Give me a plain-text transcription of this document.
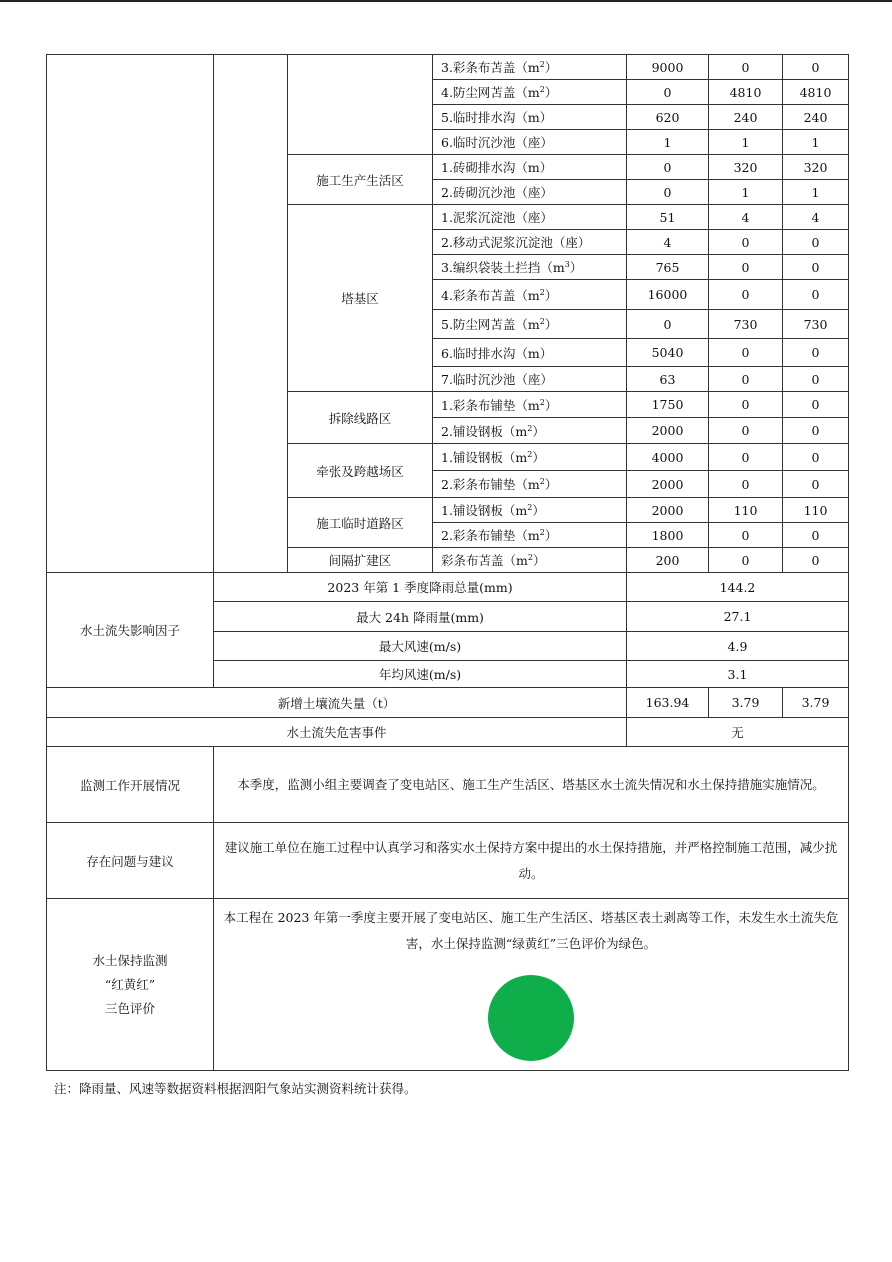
			3.彩条布苫盖$(m^2)$	9000	0	0
			4.防尘网苫盖$(m^2)$	0	4810	4810
			5.临时排水沟（m）	620	240	240
			6.临时沉沙池（座）	1	1	1
		施工生产生活区	1.砖砌排水沟（m）	0	320	320
			2.砖砌沉沙池（座）	0	1	1
		塔基区	1.泥浆沉淀池（座）	51	4	4
			2.移动式泥浆沉淀池（座）	4	0	0
			3.编织袋装土拦挡$(m^3)$	765	0	0
			4.彩条布苫盖$(m^2)$	16000	0	0
			5.防尘网苫盖$(m^2)$	0	730	730
			6.临时排水沟（m）	5040	0	0
			7.临时沉沙池（座）	63	0	0
		拆除线路区	1.彩条布铺垫$(m^2)$	1750	0	0
			2.铺设钢板$(m^2)$	2000	0	0
		牵张及跨越场区	1.铺设钢板$(m^2)$	4000	0	0
			2.彩条布铺垫$(m^2)$	2000	0	0
		施工临时道路区	1.铺设钢板$(m^2)$	2000	110	110
			2.彩条布铺垫$(m^2)$	1800	0	0
		间隔扩建区	彩条布苫盖$(m^2)$	200	0	0
水土流失影响因子	2023 年第 1 季度降雨总量(mm)			144.2		
	最大 24h 降雨量(mm)			27.1		
	最大风速(m/s)			4.9		
	年均风速(m/s)			3.1		
新增土壤流失量（t）				163.94	3.79	3.79
水土流失危害事件				无		
监测工作开展情况	本季度，监测小组主要调查了变电站区、施工生产生活区、塔基区水土流失情况和水土保持措施实施情况。					
存在问题与建议	建议施工单位在施工过程中认真学习和落实水土保持方案中提出的水土保持措施，并严格控制施工范围，减少扰动。					

水土保持监测
“红黄红”
三色评价	本工程在 2023 年第一季度主要开展了变电站区、施工生产生活区、塔基区表土剥离等工作，未发生水土流失危害，水土保持监测“绿黄红”三色评价为绿色。					
注：降雨量、风速等数据资料根据泗阳气象站实测资料统计获得。
